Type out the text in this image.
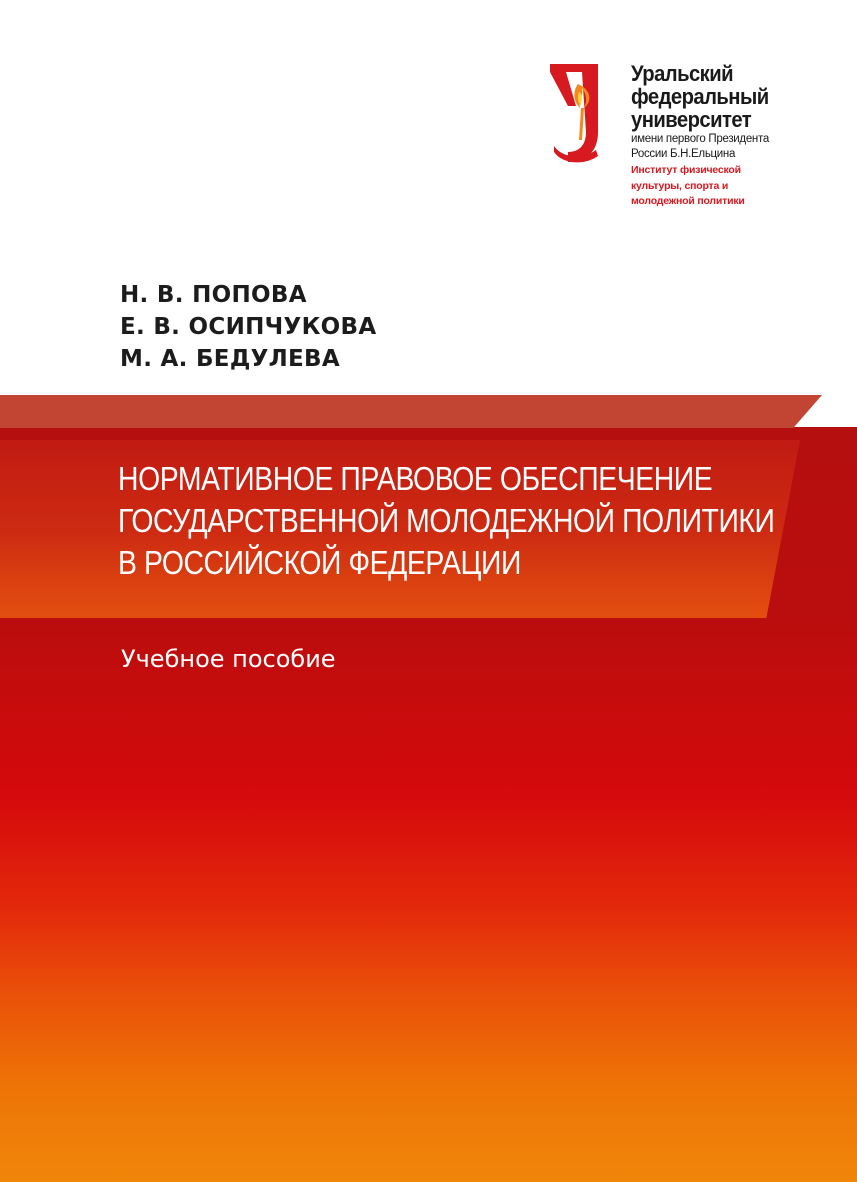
Уральский
федеральный
университет
имени первого Президента
России Б.Н.Ельцина
Институт физической
культуры, спорта и
молодежной политики
Н. В. ПОПОВА
Е. В. ОСИПЧУКОВА
М. А. БЕДУЛЕВА
НОРМАТИВНОЕ ПРАВОВОЕ ОБЕСПЕЧЕНИЕ
ГОСУДАРСТВЕННОЙ МОЛОДЕЖНОЙ ПОЛИТИКИ
В РОССИЙСКОЙ ФЕДЕРАЦИИ
Учебное пособие
